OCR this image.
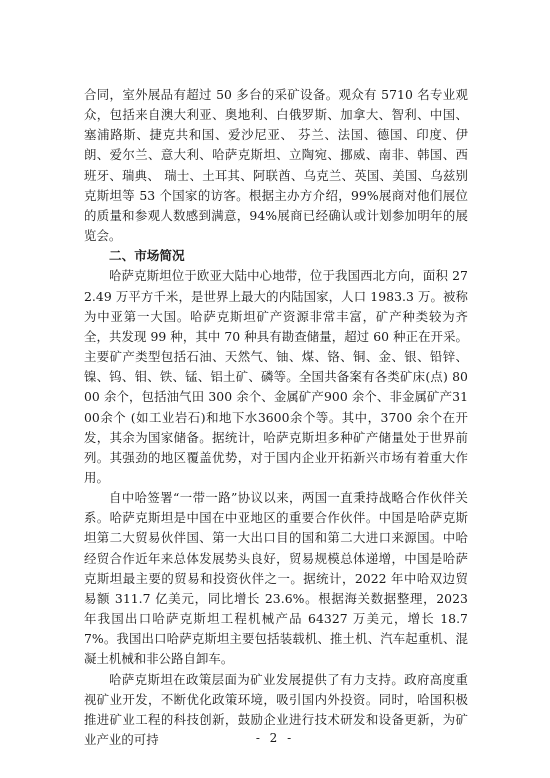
合同，室外展品有超过 50 多台的采矿设备。观众有 5710 名专业观众，包括来自澳大利亚、奥地利、白俄罗斯、加拿大、智利、中国、塞浦路斯、捷克共和国、爱沙尼亚、 芬兰、法国、德国、印度、伊朗、爱尔兰、意大利、哈萨克斯坦、立陶宛、挪威、南非、韩国、西班牙、瑞典、 瑞士、土耳其、阿联酋、乌克兰、英国、美国、乌兹别克斯坦等 53 个国家的访客。根据主办方介绍，99%展商对他们展位的质量和参观人数感到满意，94%展商已经确认或计划参加明年的展览会。

二、市场简况

哈萨克斯坦位于欧亚大陆中心地带，位于我国西北方向，面积 272.49 万平方千米，是世界上最大的内陆国家，人口 1983.3 万。被称为中亚第一大国。哈萨克斯坦矿产资源非常丰富，矿产种类较为齐全，共发现 99 种，其中 70 种具有勘查储量，超过 60 种正在开采。主要矿产类型包括石油、天然气、铀、煤、铬、铜、金、银、铅锌、镍、钨、钼、铁、锰、铝土矿、磷等。全国共备案有各类矿床(点) 8000 余个，包括油气田 300 余个、金属矿产900 余个、非金属矿产3100余个 (如工业岩石)和地下水3600余个等。其中，3700 余个在开发，其余为国家储备。据统计，哈萨克斯坦多种矿产储量处于世界前列。其强劲的地区覆盖优势，对于国内企业开拓新兴市场有着重大作用。

自中哈签署“一带一路”协议以来，两国一直秉持战略合作伙伴关系。哈萨克斯坦是中国在中亚地区的重要合作伙伴。中国是哈萨克斯坦第二大贸易伙伴国、第一大出口目的国和第二大进口来源国。中哈经贸合作近年来总体发展势头良好，贸易规模总体递增，中国是哈萨克斯坦最主要的贸易和投资伙伴之一。据统计，2022 年中哈双边贸易额 311.7 亿美元，同比增长 23.6%。根据海关数据整理，2023 年我国出口哈萨克斯坦工程机械产品 64327 万美元，增长 18.77%。我国出口哈萨克斯坦主要包括装载机、推土机、汽车起重机、混凝土机械和非公路自卸车。

哈萨克斯坦在政策层面为矿业发展提供了有力支持。政府高度重视矿业开发，不断优化政策环境，吸引国内外投资。同时，哈国积极推进矿业工程的科技创新，鼓励企业进行技术研发和设备更新，为矿业产业的可持	- 2 -
